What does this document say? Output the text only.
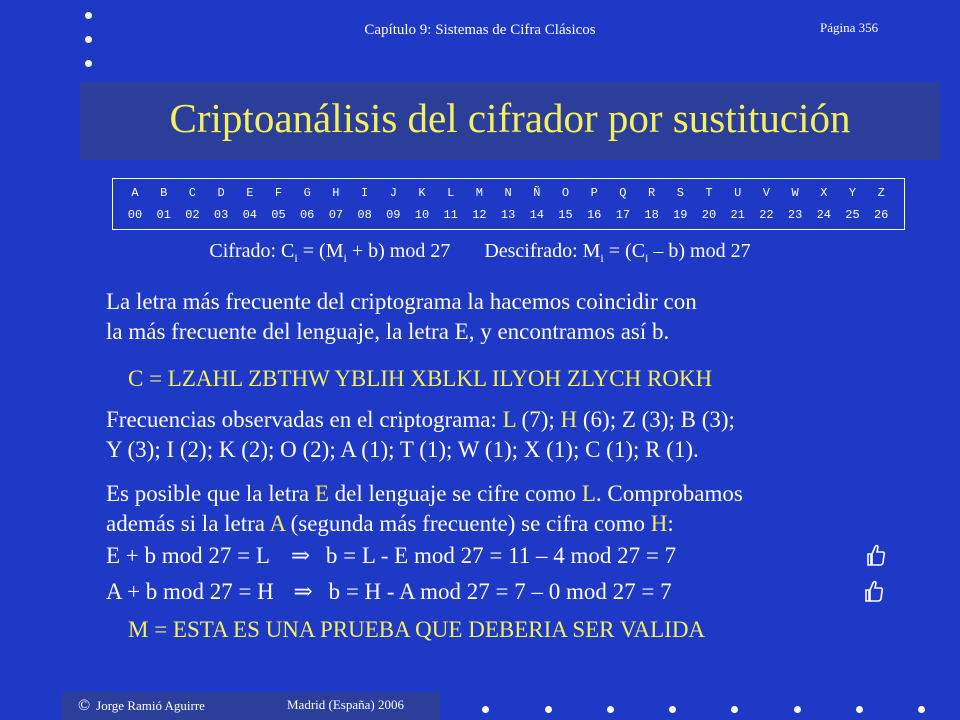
Capítulo 9: Sistemas de Cifra Clásicos	Página 356
Criptoanálisis del cifrador por sustitución
A	B	C	D	E	F	G	H	I	J	K	L	M	N	Ñ	O	P	Q	R	S	T	U	V	W	X	Y	Z
00	01	02	03	04	05	06	07	08	09	10	11	12	13	14	15	16	17	18	19	20	21	22	23	24	25	26
Cifrado: $C_i = (M_i + b)$ mod 27 Descifrado: $M_i = (C_i - b)$ mod 27
La letra más frecuente del criptograma la hacemos coincidir con
la más frecuente del lenguaje, la letra E, y encontramos así b.
C = LZAHL ZBTHW YBLIH XBLKL ILYOH ZLYCH ROKH
Frecuencias observadas en el criptograma: L (7); H (6); Z (3); B (3);
Y (3); I (2); K (2); O (2); A (1); T (1); W (1); X (1); C (1); R (1).
Es posible que la letra E del lenguaje se cifre como L. Comprobamos
además si la letra A (segunda más frecuente) se cifra como H:
E + b mod 27 = L ⇒ b = L - E mod 27 = 11 – 4 mod 27 = 7
A + b mod 27 = H ⇒ b = H - A mod 27 = 7 – 0 mod 27 = 7
M = ESTA ES UNA PRUEBA QUE DEBERIA SER VALIDA
© Jorge Ramió Aguirre	Madrid (España) 2006
